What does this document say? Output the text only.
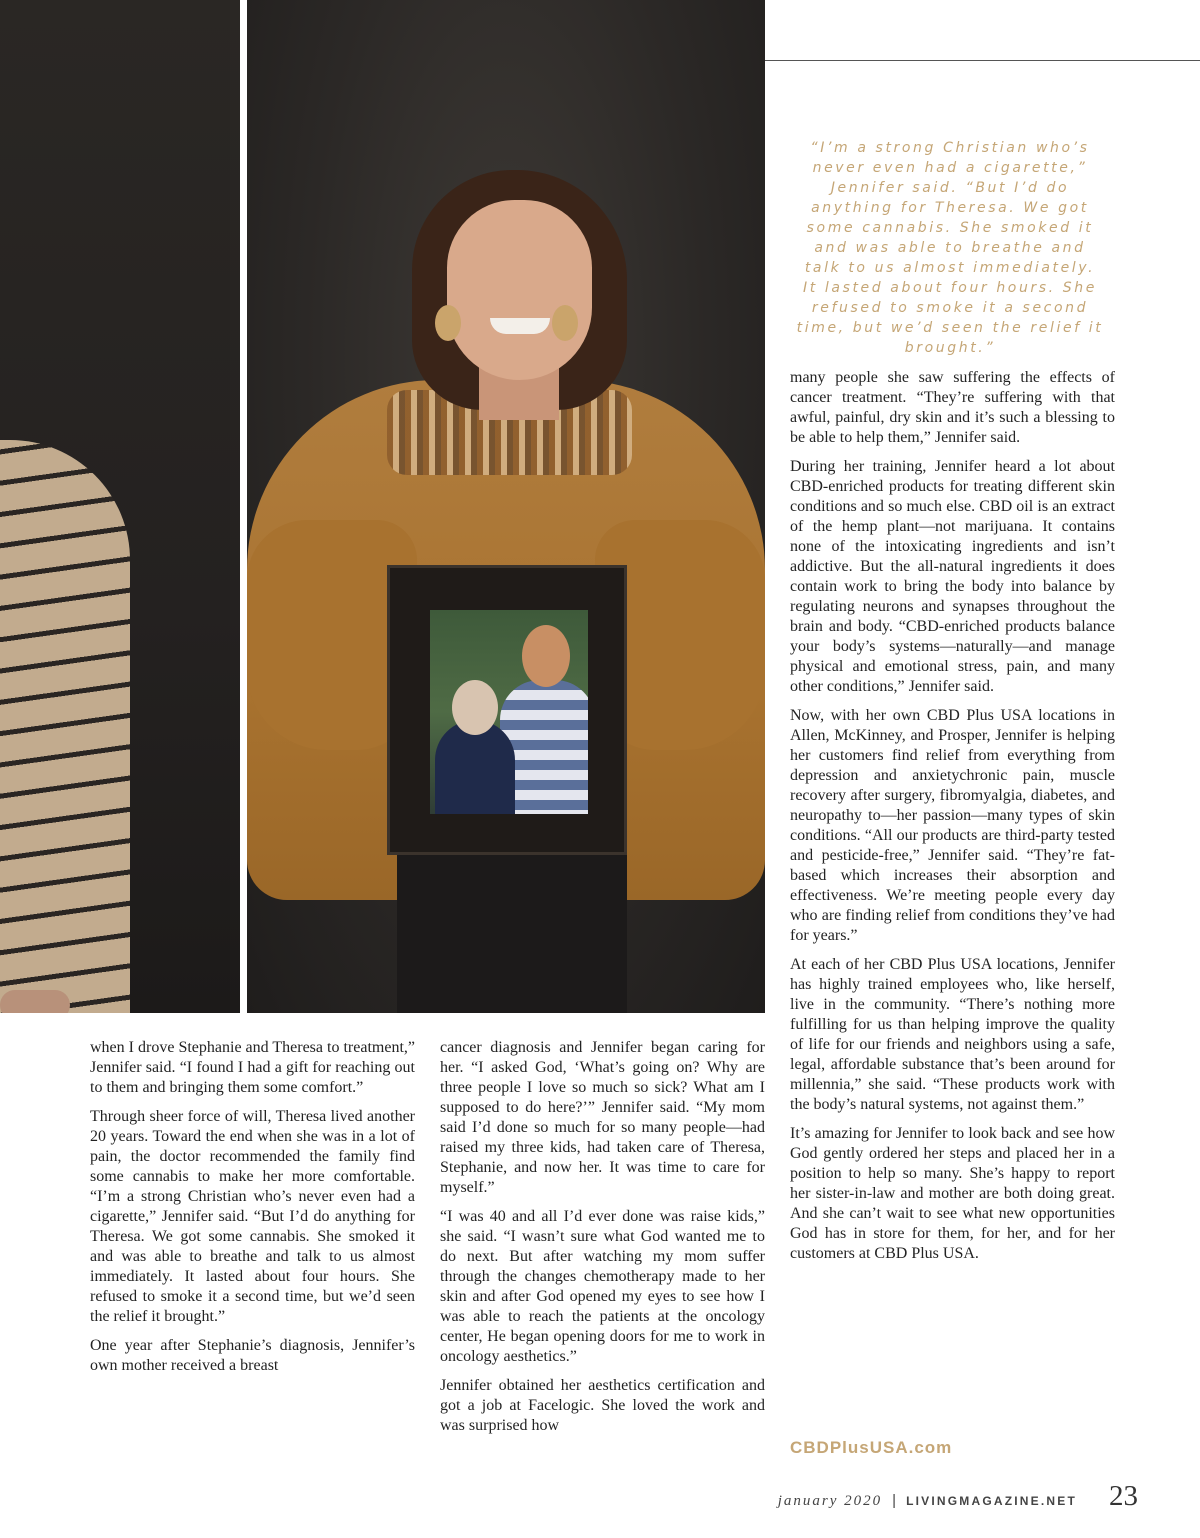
“I’m a strong Christian who’s never even had a cigarette,” Jennifer said. “But I’d do anything for Theresa. We got some cannabis. She smoked it and was able to breathe and talk to us almost immediately. It lasted about four hours. She refused to smoke it a second time, but we’d seen the relief it brought.”

many people she saw suffering the effects of cancer treatment. “They’re suffering with that awful, painful, dry skin and it’s such a blessing to be able to help them,” Jennifer said.

During her training, Jennifer heard a lot about CBD-enriched products for treating different skin conditions and so much else. CBD oil is an extract of the hemp plant—not marijuana. It contains none of the intoxicating ingredients and isn’t addictive. But the all-natural ingredients it does contain work to bring the body into balance by regulating neurons and synapses throughout the brain and body. “CBD-enriched products balance your body’s systems—naturally—and manage physical and emotional stress, pain, and many other conditions,” Jennifer said.

Now, with her own CBD Plus USA locations in Allen, McKinney, and Prosper, Jennifer is helping her customers find relief from everything from depression and anxietychronic pain, muscle recovery after surgery, fibromyalgia, diabetes, and neuropathy to—her passion—many types of skin conditions. “All our products are third-party tested and pesticide-free,” Jennifer said. “They’re fat-based which increases their absorption and effectiveness. We’re meeting people every day who are finding relief from conditions they’ve had for years.”

At each of her CBD Plus USA locations, Jennifer has highly trained employees who, like herself, live in the community. “There’s nothing more fulfilling for us than helping improve the quality of life for our friends and neighbors using a safe, legal, affordable substance that’s been around for millennia,” she said. “These products work with the body’s natural systems, not against them.”

It’s amazing for Jennifer to look back and see how God gently ordered her steps and placed her in a position to help so many. She’s happy to report her sister-in-law and mother are both doing great. And she can’t wait to see what new opportunities God has in store for them, for her, and for her customers at CBD Plus USA.

when I drove Stephanie and Theresa to treatment,” Jennifer said. “I found I had a gift for reaching out to them and bringing them some comfort.”

Through sheer force of will, Theresa lived another 20 years. Toward the end when she was in a lot of pain, the doctor recommended the family find some cannabis to make her more comfortable. “I’m a strong Christian who’s never even had a cigarette,” Jennifer said. “But I’d do anything for Theresa. We got some cannabis. She smoked it and was able to breathe and talk to us almost immediately. It lasted about four hours. She refused to smoke it a second time, but we’d seen the relief it brought.”

One year after Stephanie’s diagnosis, Jennifer’s own mother received a breast

cancer diagnosis and Jennifer began caring for her. “I asked God, ‘What’s going on? Why are three people I love so much so sick? What am I supposed to do here?’” Jennifer said. “My mom said I’d done so much for so many people—had raised my three kids, had taken care of Theresa, Stephanie, and now her. It was time to care for myself.”

“I was 40 and all I’d ever done was raise kids,” she said. “I wasn’t sure what God wanted me to do next. But after watching my mom suffer through the changes chemotherapy made to her skin and after God opened my eyes to see how I was able to reach the patients at the oncology center, He began opening doors for me to work in oncology aesthetics.”

Jennifer obtained her aesthetics certification and got a job at Facelogic. She loved the work and was surprised how

CBDPlusUSA.com
january 2020 | LIVINGMAGAZINE.NET 23
